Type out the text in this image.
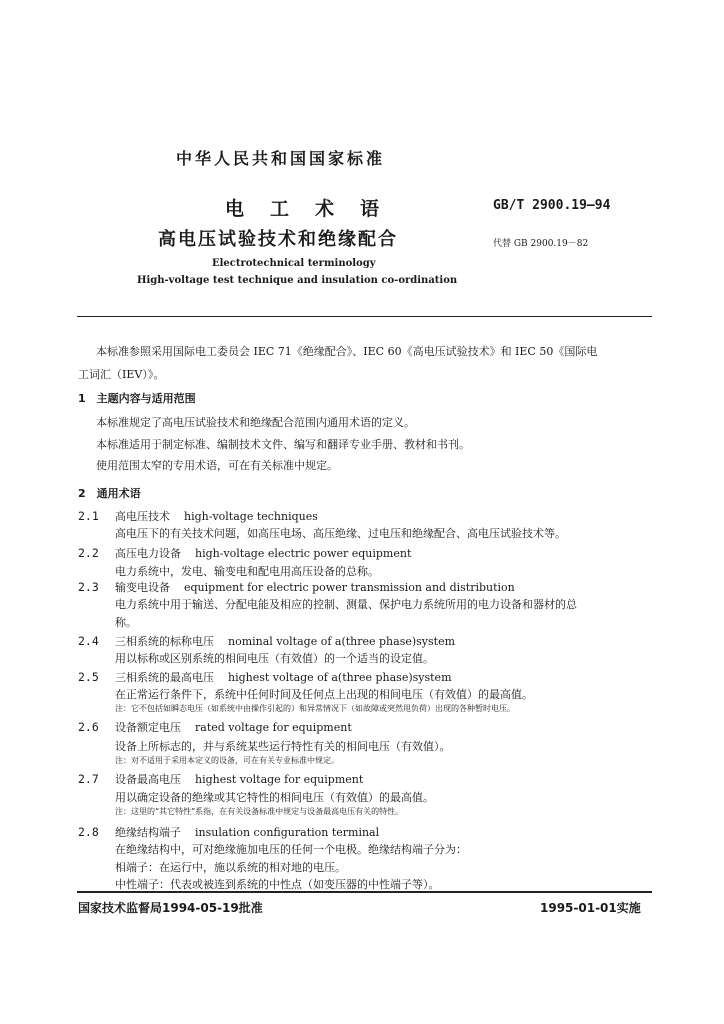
中华人民共和国国家标准
电工术语
高电压试验技术和绝缘配合
GB/T 2900.19—94
代替 GB 2900.19－82
Electrotechnical terminology
High-voltage test technique and insulation co-ordination
本标准参照采用国际电工委员会 IEC 71《绝缘配合》、IEC 60《高电压试验技术》和 IEC 50《国际电
工词汇（IEV）》。
1　主题内容与适用范围
本标准规定了高电压试验技术和绝缘配合范围内通用术语的定义。
本标准适用于制定标准、编制技术文件、编写和翻译专业手册、教材和书刊。
使用范围太窄的专用术语，可在有关标准中规定。
2　通用术语
2.1 高电压技术 high-voltage techniques
高电压下的有关技术问题，如高压电场、高压绝缘、过电压和绝缘配合、高电压试验技术等。
2.2 高压电力设备 high-voltage electric power equipment
电力系统中，发电、输变电和配电用高压设备的总称。
2.3 输变电设备 equipment for electric power transmission and distribution
电力系统中用于输送、分配电能及相应的控制、测量、保护电力系统所用的电力设备和器材的总
称。
2.4 三相系统的标称电压 nominal voltage of a(three phase)system
用以标称或区别系统的相间电压（有效值）的一个适当的设定值。
2.5 三相系统的最高电压 highest voltage of a(three phase)system
在正常运行条件下，系统中任何时间及任何点上出现的相间电压（有效值）的最高值。
注：它不包括如瞬态电压（如系统中由操作引起的）和异常情况下（如故障或突然甩负荷）出现的各种暂时电压。
2.6 设备额定电压 rated voltage for equipment
设备上所标志的，并与系统某些运行特性有关的相间电压（有效值）。
注：对不适用于采用本定义的设备，可在有关专业标准中规定。
2.7 设备最高电压 highest voltage for equipment
用以确定设备的绝缘或其它特性的相间电压（有效值）的最高值。
注：这里的“其它特性”系指，在有关设备标准中规定与设备最高电压有关的特性。
2.8 绝缘结构端子 insulation configuration terminal
在绝缘结构中，可对绝缘施加电压的任何一个电极。绝缘结构端子分为：
相端子：在运行中，施以系统的相对地的电压。
中性端子：代表或被连到系统的中性点（如变压器的中性端子等）。
国家技术监督局1994-05-19批准	1995-01-01实施
